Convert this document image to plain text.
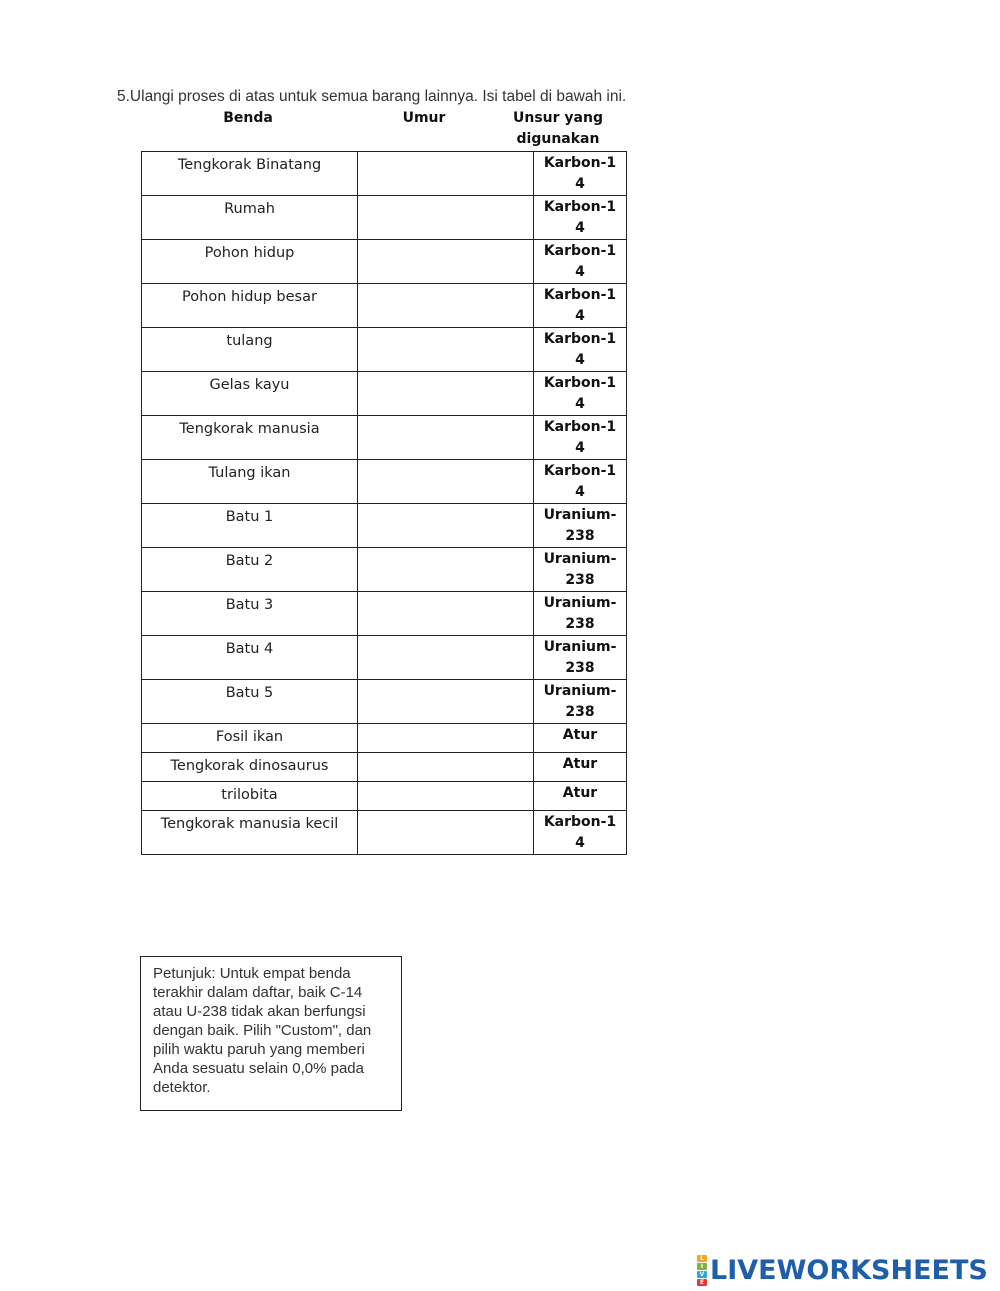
5.Ulangi proses di atas untuk semua barang lainnya. Isi tabel di bawah ini.
Benda	Umur	Unsur yang digunakan
Tengkorak Binatang		Karbon-14

Rumah		Karbon-14

Pohon hidup		Karbon-14

Pohon hidup besar		Karbon-14

tulang		Karbon-14

Gelas kayu		Karbon-14

Tengkorak manusia		Karbon-14

Tulang ikan		Karbon-14

Batu 1		Uranium-238

Batu 2		Uranium-238

Batu 3		Uranium-238

Batu 4		Uranium-238

Batu 5		Uranium-238

Fosil ikan		Atur

Tengkorak dinosaurus		Atur

trilobita		Atur

Tengkorak manusia kecil		Karbon-14
Petunjuk: Untuk empat benda terakhir dalam daftar, baik C-14 atau U-238 tidak akan berfungsi dengan baik. Pilih "Custom", dan pilih waktu paruh yang memberi Anda sesuatu selain 0,0% pada detektor.
L
I
V
E LIVEWORKSHEETS
